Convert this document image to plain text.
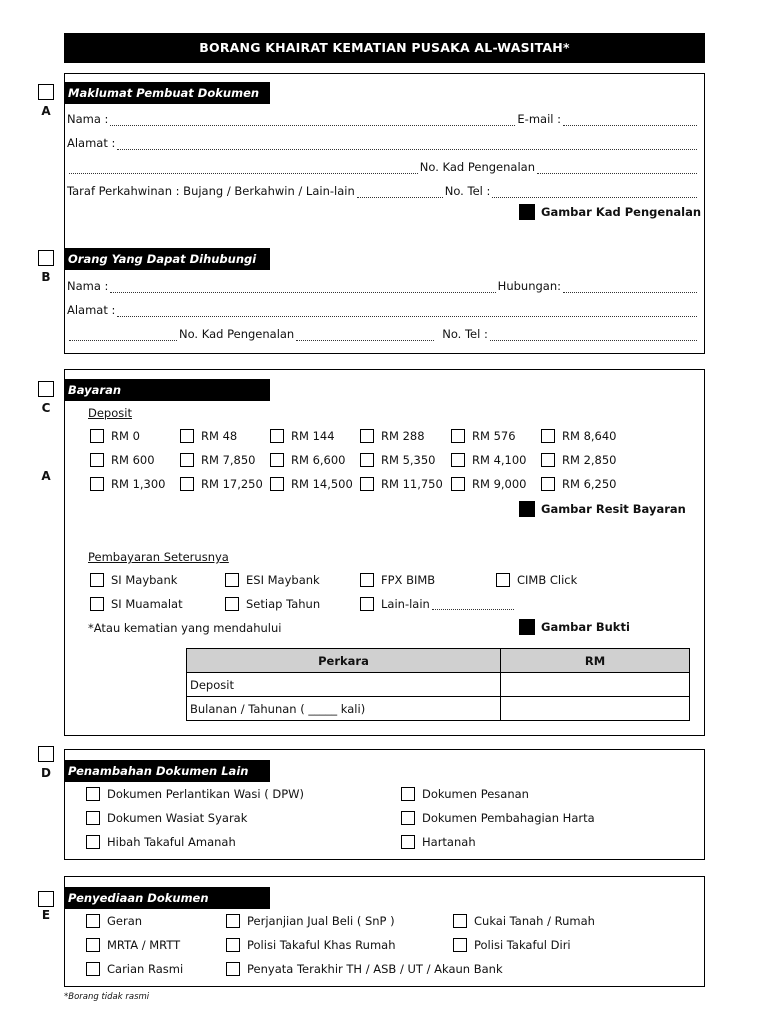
BORANG KHAIRAT KEMATIAN PUSAKA AL-WASITAH*
A
Maklumat Pembuat Dokumen
Nama :	E-mail :
Alamat :
No. Kad Pengenalan
Taraf Perkahwinan : Bujang / Berkahwin / Lain-lain	No. Tel :
Gambar Kad Pengenalan
B
Orang Yang Dapat Dihubungi
Nama :	Hubungan:
Alamat :
No. Kad Pengenalan	No. Tel :
C
A
Bayaran
Deposit
RM 0	RM 48	RM 144	RM 288	RM 576	RM 8,640
RM 600	RM 7,850	RM 6,600	RM 5,350	RM 4,100	RM 2,850
RM 1,300	RM 17,250 RM 14,500 RM 11,750	RM 9,000	RM 6,250
Gambar Resit Bayaran
Pembayaran Seterusnya
SI Maybank	ESI Maybank	FPX BIMB	CIMB Click
SI Muamalat	Setiap Tahun	Lain-lain
*Atau kematian yang mendahului	Gambar Bukti
Perkara	RM
Deposit	
Bulanan / Tahunan ( _____ kali)	
D	Penambahan Dokumen Lain
Dokumen Perlantikan Wasi ( DPW)	Dokumen Pesanan
Dokumen Wasiat Syarak	Dokumen Pembahagian Harta
Hibah Takaful Amanah	Hartanah
E
Penyediaan Dokumen
Geran	Perjanjian Jual Beli ( SnP )	Cukai Tanah / Rumah
MRTA / MRTT	Polisi Takaful Khas Rumah	Polisi Takaful Diri
Carian Rasmi	Penyata Terakhir TH / ASB / UT / Akaun Bank
*Borang tidak rasmi
